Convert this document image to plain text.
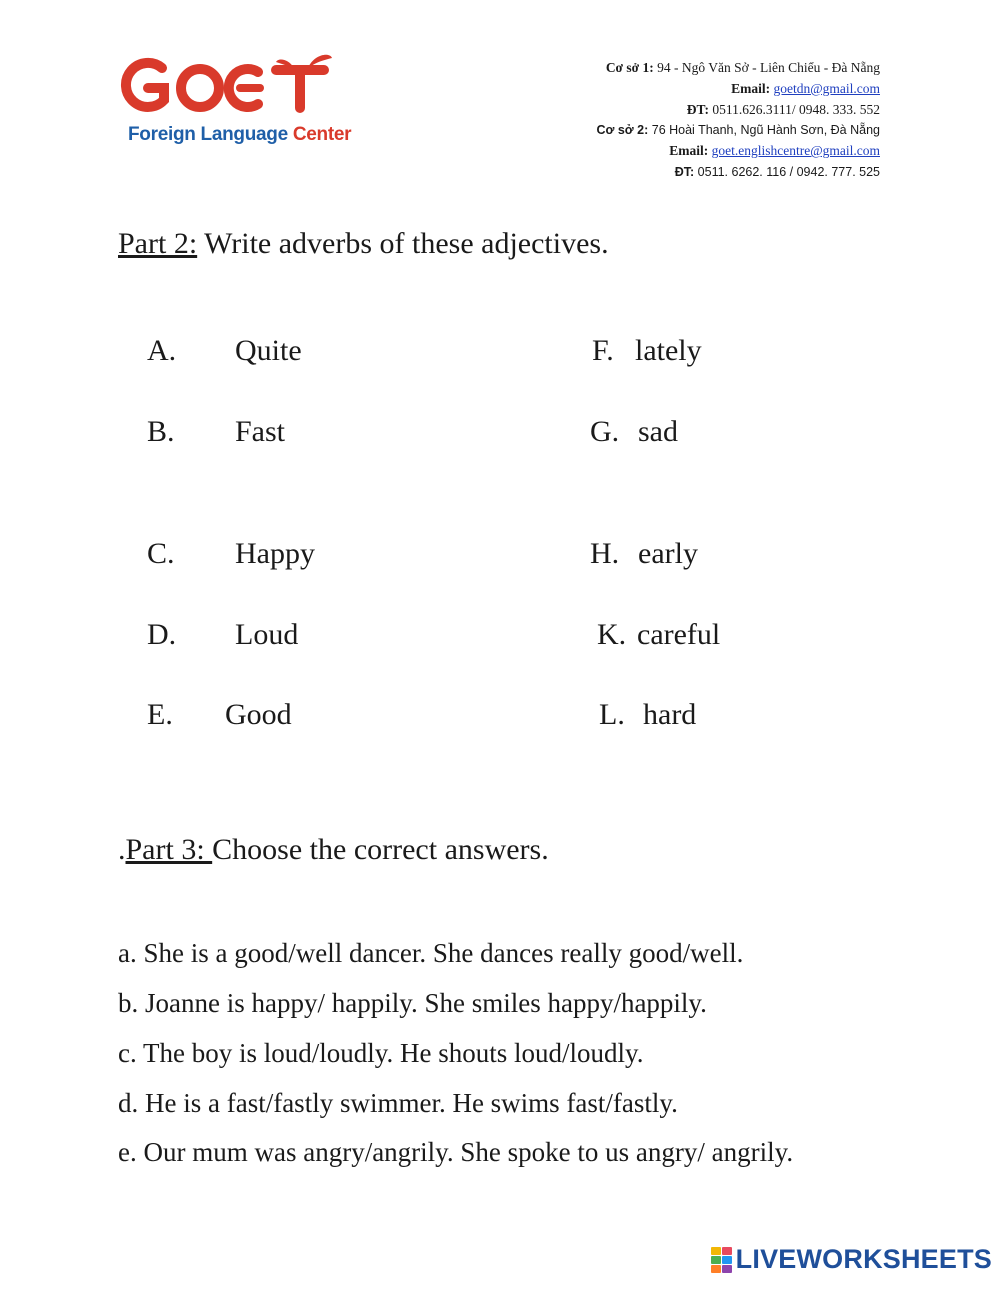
Foreign Language Center
Cơ sở 1: 94 - Ngô Văn Sở - Liên Chiểu - Đà Nẵng
Email: goetdn@gmail.com
ĐT: 0511.626.3111/ 0948. 333. 552
Cơ sở 2: 76 Hoài Thanh, Ngũ Hành Sơn, Đà Nẵng
Email: goet.englishcentre@gmail.com
ĐT: 0511. 6262. 116 / 0942. 777. 525
Part 2: Write adverbs of these adjectives.
A. Quite
B. Fast
C. Happy
D. Loud
E. Good
F. lately
G. sad
H. early
K. careful
L. hard
.Part 3: Choose the correct answers.
a. She is a good/well dancer. She dances really good/well.
b. Joanne is happy/ happily. She smiles happy/happily.
c. The boy is loud/loudly. He shouts loud/loudly.
d. He is a fast/fastly swimmer. He swims fast/fastly.
e. Our mum was angry/angrily. She spoke to us angry/ angrily.
LIVEWORKSHEETS
